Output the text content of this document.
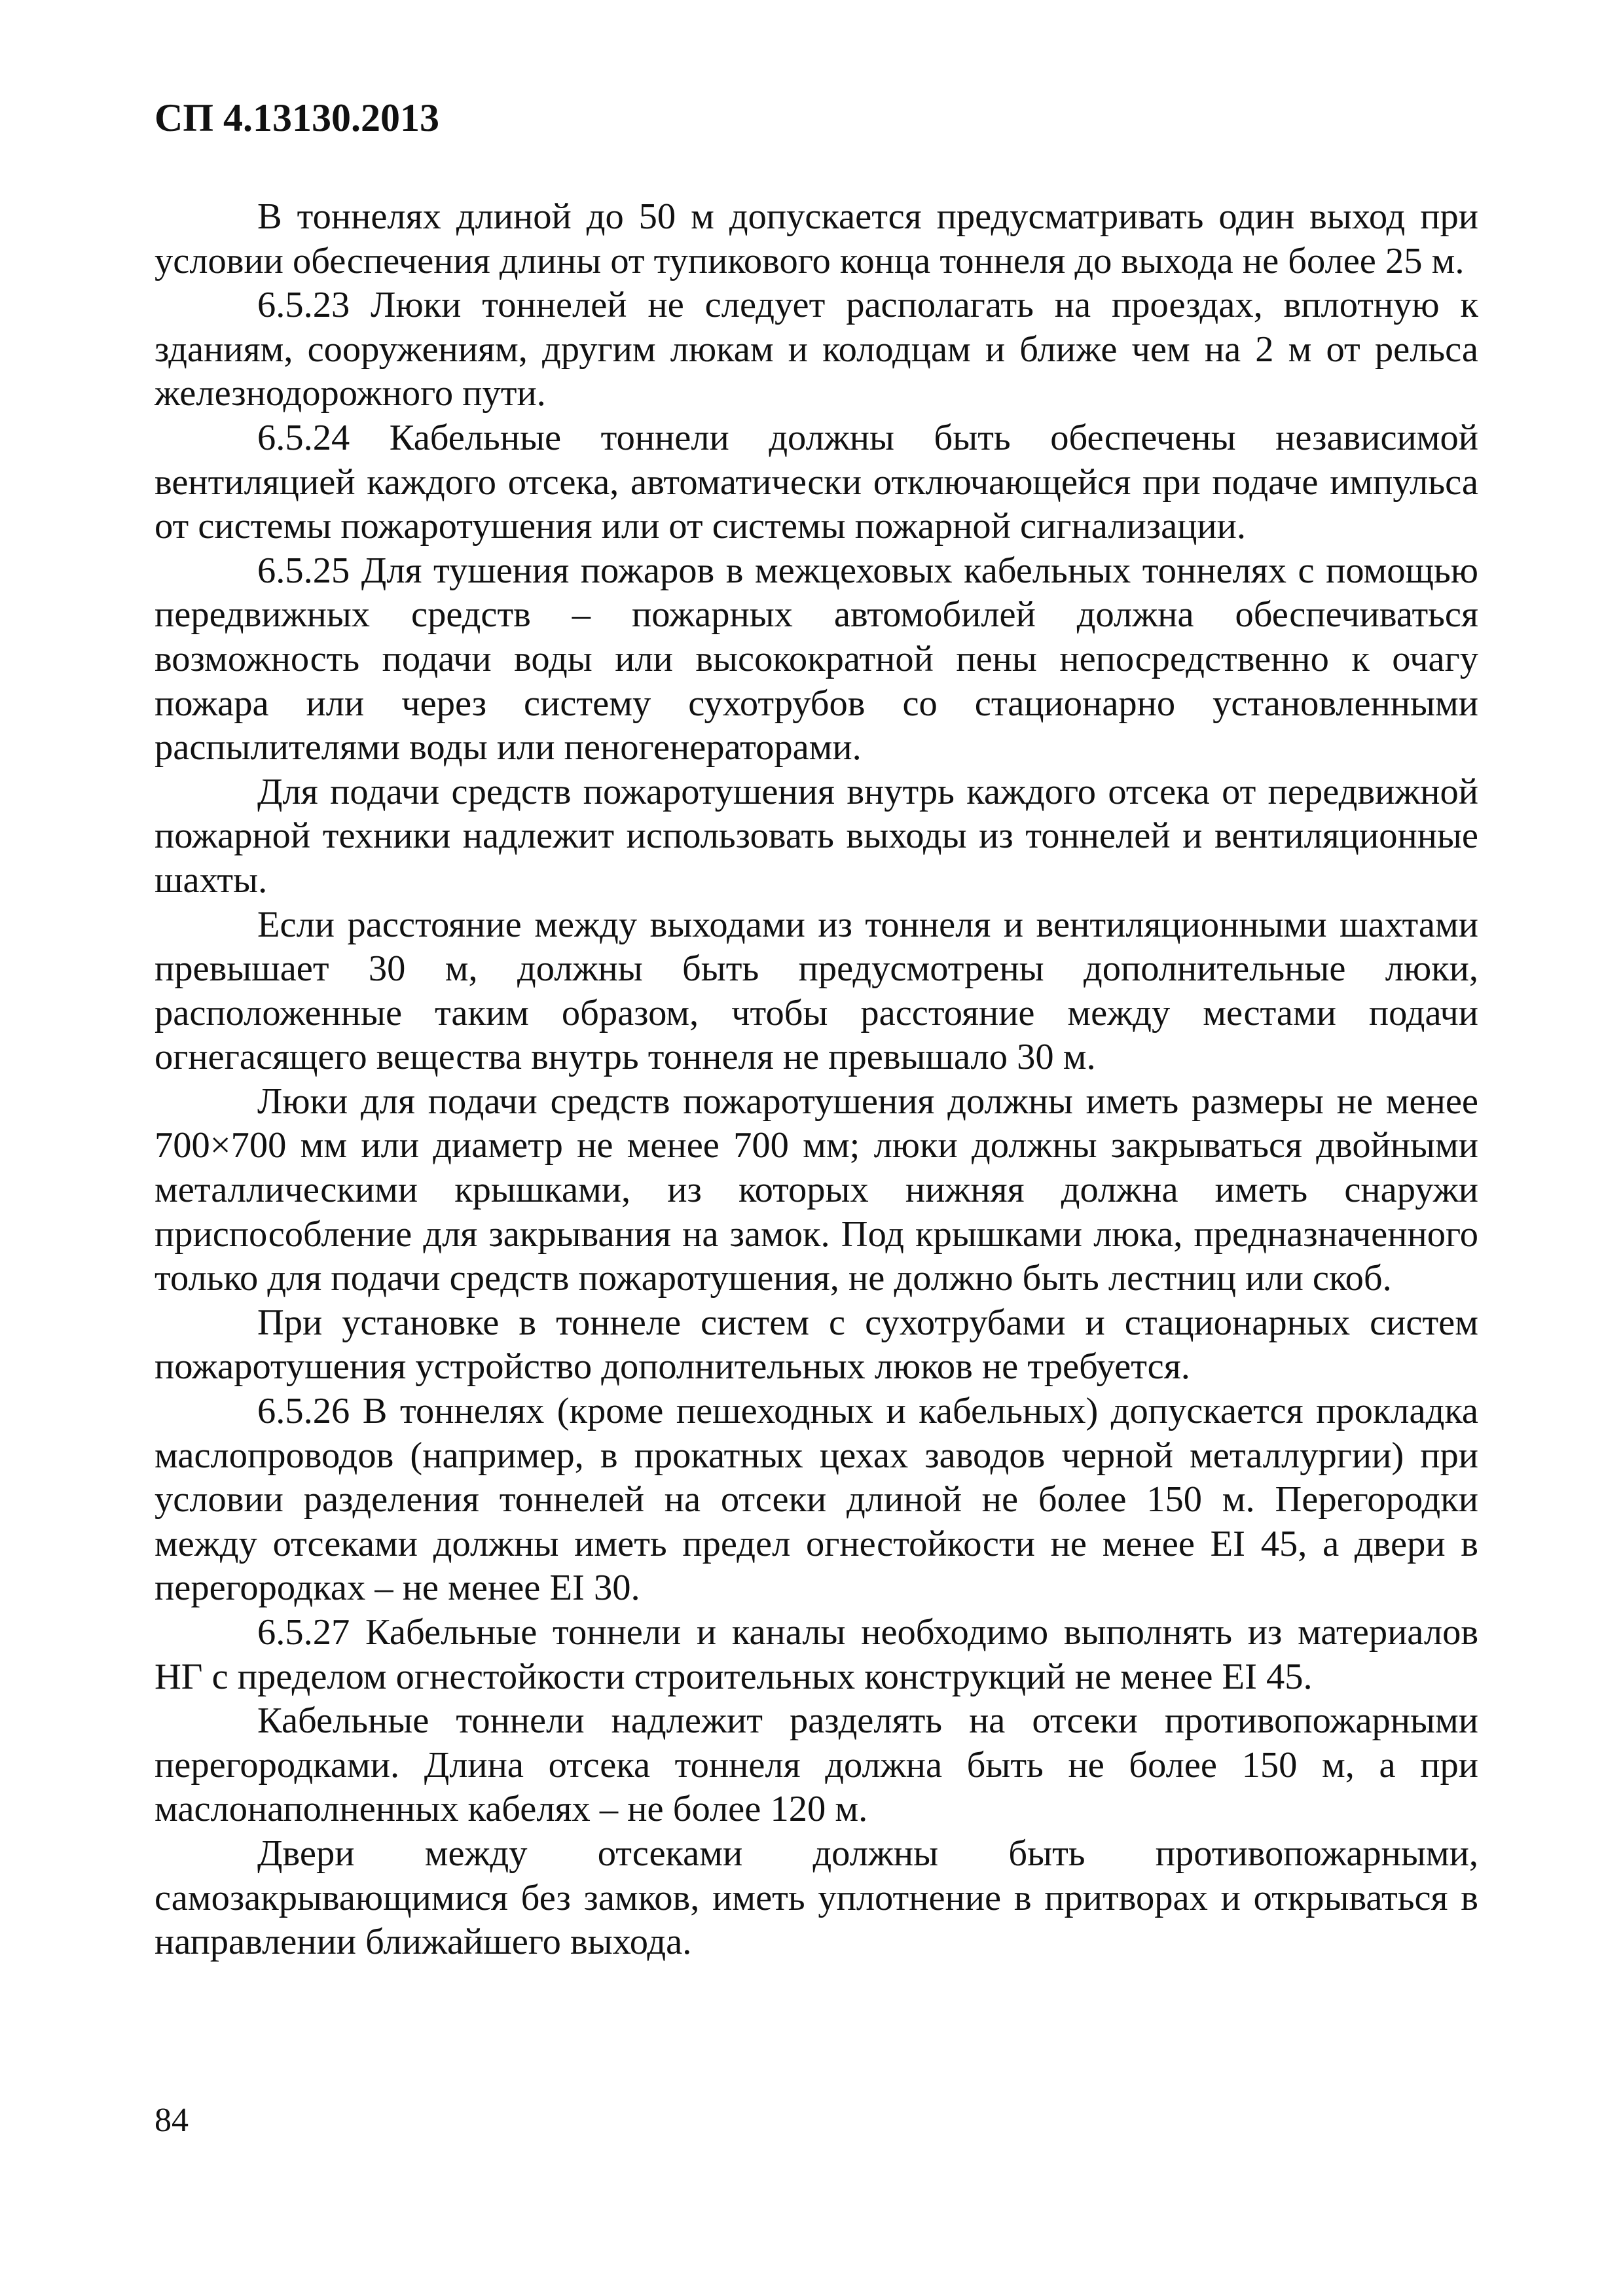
СП 4.13130.2013

В тоннелях длиной до 50 м допускается предусматривать один выход при условии обеспечения длины от тупикового конца тоннеля до выхода не более 25 м.

6.5.23 Люки тоннелей не следует располагать на проездах, вплотную к зданиям, сооружениям, другим люкам и колодцам и ближе чем на 2 м от рельса железнодорожного пути.

6.5.24 Кабельные тоннели должны быть обеспечены независимой вентиляцией каждого отсека, автоматически отключающейся при подаче импульса от системы пожаротушения или от системы пожарной сигнализации.

6.5.25 Для тушения пожаров в межцеховых кабельных тоннелях с помощью передвижных средств – пожарных автомобилей должна обеспечиваться возможность подачи воды или высокократной пены непосредственно к очагу пожара или через систему сухотрубов со стационарно установленными распылителями воды или пеногенераторами.

Для подачи средств пожаротушения внутрь каждого отсека от передвижной пожарной техники надлежит использовать выходы из тоннелей и вентиляционные шахты.

Если расстояние между выходами из тоннеля и вентиляционными шахтами превышает 30 м, должны быть предусмотрены дополнительные люки, расположенные таким образом, чтобы расстояние между местами подачи огнегасящего вещества внутрь тоннеля не превышало 30 м.

Люки для подачи средств пожаротушения должны иметь размеры не менее 700×700 мм или диаметр не менее 700 мм; люки должны закрываться двойными металлическими крышками, из которых нижняя должна иметь снаружи приспособление для закрывания на замок. Под крышками люка, предназначенного только для подачи средств пожаротушения, не должно быть лестниц или скоб.

При установке в тоннеле систем с сухотрубами и стационарных систем пожаротушения устройство дополнительных люков не требуется.

6.5.26 В тоннелях (кроме пешеходных и кабельных) допускается прокладка маслопроводов (например, в прокатных цехах заводов черной металлургии) при условии разделения тоннелей на отсеки длиной не более 150 м. Перегородки между отсеками должны иметь предел огнестойкости не менее EI 45, а двери в перегородках – не менее EI 30.

6.5.27 Кабельные тоннели и каналы необходимо выполнять из материалов НГ с пределом огнестойкости строительных конструкций не менее EI 45.

Кабельные тоннели надлежит разделять на отсеки противопожарными перегородками. Длина отсека тоннеля должна быть не более 150 м, а при маслонаполненных кабелях – не более 120 м.

Двери между отсеками должны быть противопожарными, самозакрывающимися без замков, иметь уплотнение в притворах и открываться в направлении ближайшего выхода.

84
